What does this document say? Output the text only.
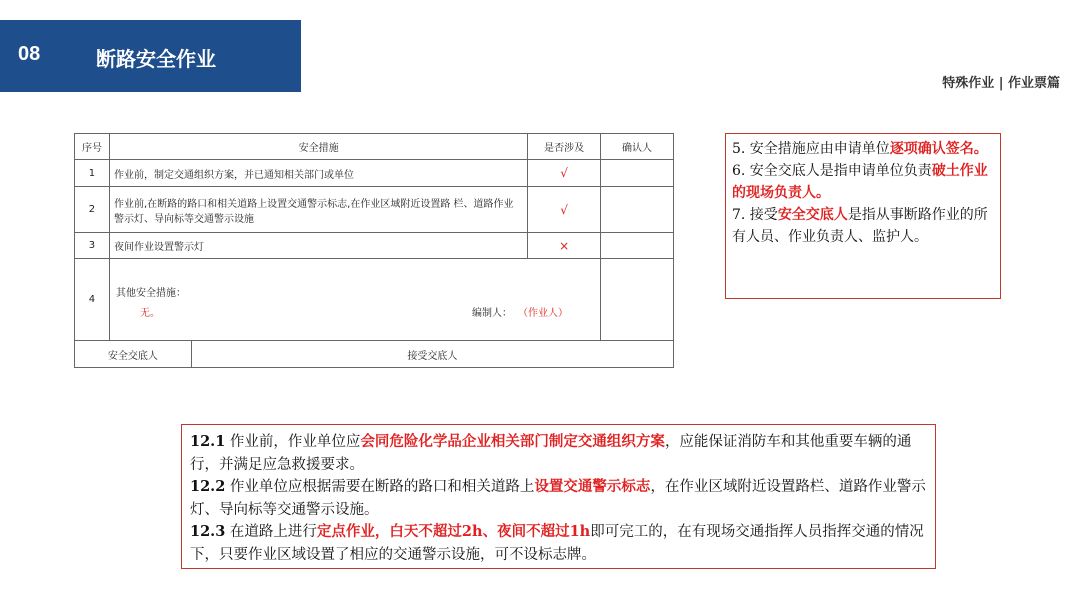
08	断路安全作业
特殊作业 | 作业票篇
序号	安全措施		是否涉及	确认人
1	作业前，制定交通组织方案，并已通知相关部门或单位		√	
2	作业前,在断路的路口和相关道路上设置交通警示标志,在作业区域附近设置路 栏、道路作业警示灯、导向标等交通警示设施		√	
3	夜间作业设置警示灯		×	
4	其他安全措施：
无。 编制人： （作业人）			

安全交底人		接受交底人		

5. 安全措施应由申请单位逐项确认签名。

6. 安全交底人是指申请单位负责破土作业的现场负责人。

7. 接受安全交底人是指从事断路作业的所有人员、作业负责人、监护人。

12.1 作业前，作业单位应会同危险化学品企业相关部门制定交通组织方案，应能保证消防车和其他重要车辆的通行，并满足应急救援要求。

12.2 作业单位应根据需要在断路的路口和相关道路上设置交通警示标志，在作业区域附近设置路栏、道路作业警示灯、导向标等交通警示设施。

12.3 在道路上进行定点作业，白天不超过2h、夜间不超过1h即可完工的，在有现场交通指挥人员指挥交通的情况下，只要作业区域设置了相应的交通警示设施，可不设标志牌。
